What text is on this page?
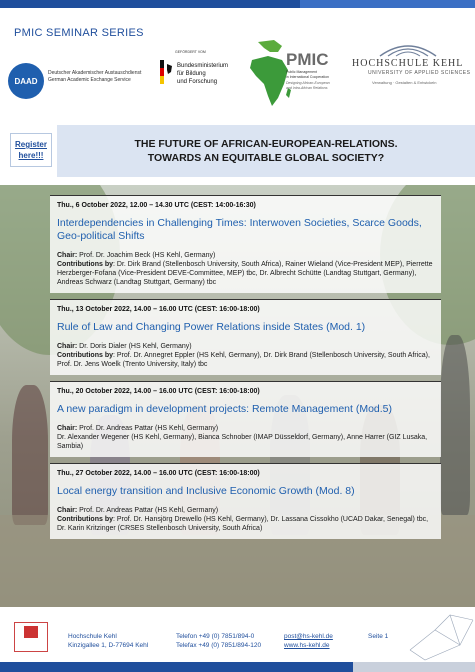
PMIC SEMINAR SERIES
DAAD
Deutscher Akademischer Austauschdienst
German Academic Exchange Service
GEFÖRDERT VOM
Bundesministerium
für Bildung
und Forschung
PMIC
Public Management
in International Cooperation
Designing African-European
and Intra-African Relations
HOCHSCHULE KEHL
UNIVERSITY OF APPLIED SCIENCES
Verwaltung · Gestalten & Entwickeln
Register
here!!!
THE FUTURE OF AFRICAN-EUROPEAN-RELATIONS.
TOWARDS AN EQUITABLE GLOBAL SOCIETY?
Thu., 6 October 2022, 12.00 – 14.30 UTC (CEST: 14:00-16:30)
Interdependencies in Challenging Times: Interwoven Societies, Scarce Goods, Geo-political Shifts
Chair: Prof. Dr. Joachim Beck (HS Kehl, Germany)
Contributions by: Dr. Dirk Brand (Stellenbosch University, South Africa), Rainer Wieland (Vice-President MEP), Pierrette Herzberger-Fofana (Vice-President DEVE-Committee, MEP) tbc, Dr. Albrecht Schütte (Landtag Stuttgart, Germany), Andreas Schwarz (Landtag Stuttgart, Germany) tbc
Thu., 13 October 2022, 14.00 – 16.00 UTC (CEST: 16:00-18:00)
Rule of Law and Changing Power Relations inside States (Mod. 1)
Chair: Dr. Doris Dialer (HS Kehl, Germany)
Contributions by: Prof. Dr. Annegret Eppler (HS Kehl, Germany), Dr. Dirk Brand (Stellenbosch University, South Africa), Prof. Dr. Jens Woelk (Trento University, Italy) tbc
Thu., 20 October 2022, 14.00 – 16.00 UTC (CEST: 16:00-18:00)
A new paradigm in development projects: Remote Management (Mod.5)
Chair: Prof. Dr. Andreas Pattar (HS Kehl, Germany)
Dr. Alexander Wegener (HS Kehl, Germany), Bianca Schnober (IMAP Düsseldorf, Germany), Anne Harrer (GIZ Lusaka, Sambia)
Thu., 27 October 2022, 14.00 – 16.00 UTC (CEST: 16:00-18:00)
Local energy transition and Inclusive Economic Growth (Mod. 8)
Chair: Prof. Dr. Andreas Pattar (HS Kehl, Germany)
Contributions by: Prof. Dr. Hansjörg Drewello (HS Kehl, Germany), Dr. Lassana Cissokho (UCAD Dakar, Senegal) tbc, Dr. Karin Kritzinger (CRSES Stellenbosch University, South Africa)
Hochschule Kehl
Kinzigallee 1, D-77694 Kehl
Telefon +49 (0) 7851/894-0
Telefax +49 (0) 7851/894-120
post@hs-kehl.de
www.hs-kehl.de
Seite 1
